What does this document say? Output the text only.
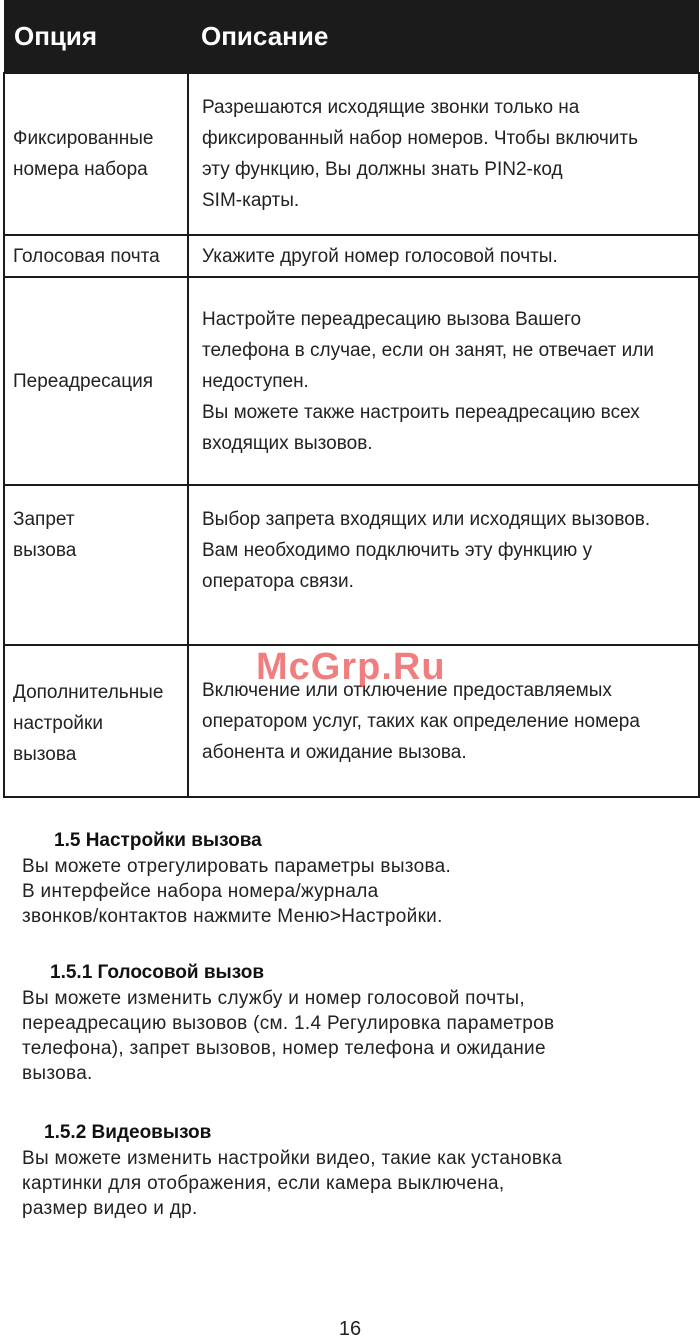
Опция	Описание

Фиксированные
номера набора	Разрешаются исходящие звонки только на
фиксированный набор номеров. Чтобы включить
эту функцию, Вы должны знать PIN2-код
SIM-карты.

Голосовая почта	Укажите другой номер голосовой почты.

Переадресация	Настройте переадресацию вызова Вашего
телефона в случае, если он занят, не отвечает или
недоступен.
Вы можете также настроить переадресацию всех
входящих вызовов.

Запрет
вызова	Выбор запрета входящих или исходящих вызовов.
Вам необходимо подключить эту функцию у
оператора связи.

Дополнительные
настройки
вызова	Включение или отключение предоставляемых
оператором услуг, таких как определение номера
абонента и ожидание вызова.
McGrp.Ru
1.5 Настройки вызова
Вы можете отрегулировать параметры вызова.
В интерфейсе набора номера/журнала
звонков/контактов нажмите Меню>Настройки.
1.5.1 Голосовой вызов
Вы можете изменить службу и номер голосовой почты,
переадресацию вызовов (см. 1.4 Регулировка параметров
телефона), запрет вызовов, номер телефона и ожидание
вызова.
1.5.2 Видеовызов
Вы можете изменить настройки видео, такие как установка
картинки для отображения, если камера выключена,
размер видео и др.
16
